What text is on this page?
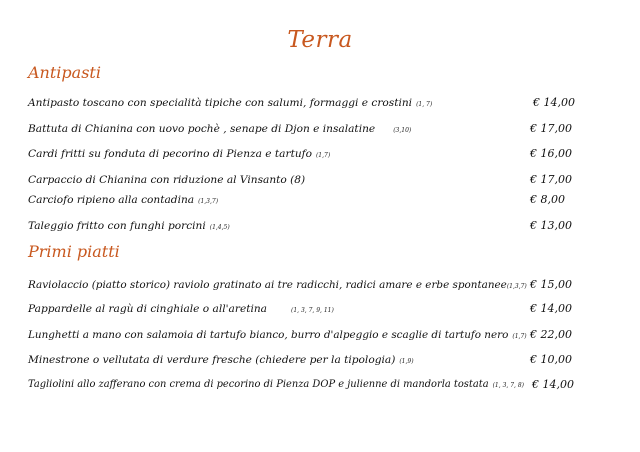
Terra
Antipasti
Antipasto toscano con specialità tipiche con salumi, formaggi e crostini (1, 7)	€ 14,00
Battuta di Chianina con uovo pochè , senape di Djon e insalatine	(3,10)	€ 17,00
Cardi fritti su fonduta di pecorino di Pienza e tartufo (1,7)	€ 16,00
Carpaccio di Chianina con riduzione al Vinsanto (8)	€ 17,00
Carciofo ripieno alla contadina (1,3,7)	€ 8,00
Taleggio fritto con funghi porcini (1,4,5)	€ 13,00
Primi piatti
Raviolaccio (piatto storico) raviolo gratinato ai tre radicchi, radici amare e erbe spontanee(1,3,7) € 15,00
Pappardelle al ragù di cinghiale o all'aretina	(1, 3, 7, 9, 11)	€ 14,00
Lunghetti a mano con salamoia di tartufo bianco, burro d'alpeggio e scaglie di tartufo nero (1,7) € 22,00
Minestrone o vellutata di verdure fresche (chiedere per la tipologia) (1,9)	€ 10,00
Tagliolini allo zafferano con crema di pecorino di Pienza DOP e julienne di mandorla tostata (1, 3, 7, 8) € 14,00
